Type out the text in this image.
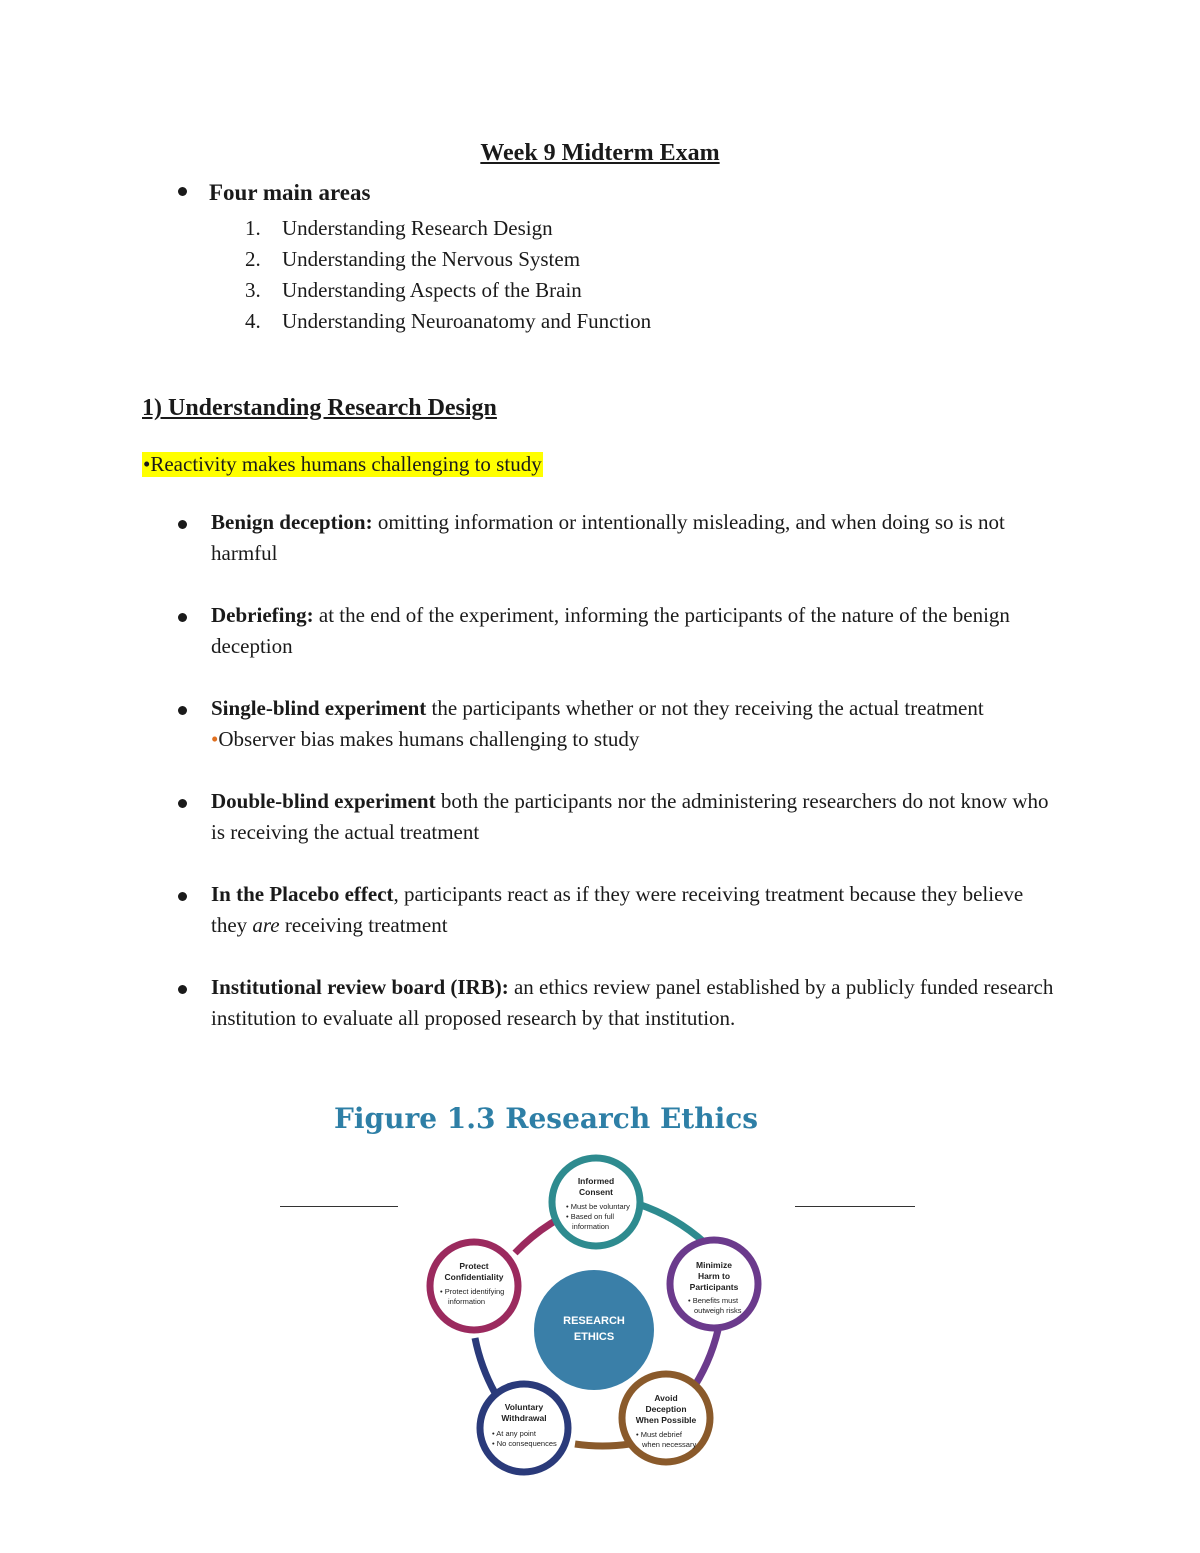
Week 9 Midterm Exam
Four main areas
1. Understanding Research Design
2. Understanding the Nervous System
3. Understanding Aspects of the Brain
4. Understanding Neuroanatomy and Function
1) Understanding Research Design
•Reactivity makes humans challenging to study
Benign deception: omitting information or intentionally misleading, and when doing so is not harmful
Debriefing: at the end of the experiment, informing the participants of the nature of the benign deception
Single-blind experiment the participants whether or not they receiving the actual treatment •Observer bias makes humans challenging to study
Double-blind experiment both the participants nor the administering researchers do not know who is receiving the actual treatment
In the Placebo effect, participants react as if they were receiving treatment because they believe they are receiving treatment
Institutional review board (IRB): an ethics review panel established by a publicly funded research institution to evaluate all proposed research by that institution.
Figure 1.3 Research Ethics
RESEARCH
ETHICS
Informed
Consent
• Must be voluntary
• Based on full
information
Minimize
Harm to
Participants
• Benefits must
outweigh risks
Avoid
Deception
When Possible
• Must debrief
when necessary
Voluntary
Withdrawal
• At any point
• No consequences
Protect
Confidentiality
• Protect identifying
information
